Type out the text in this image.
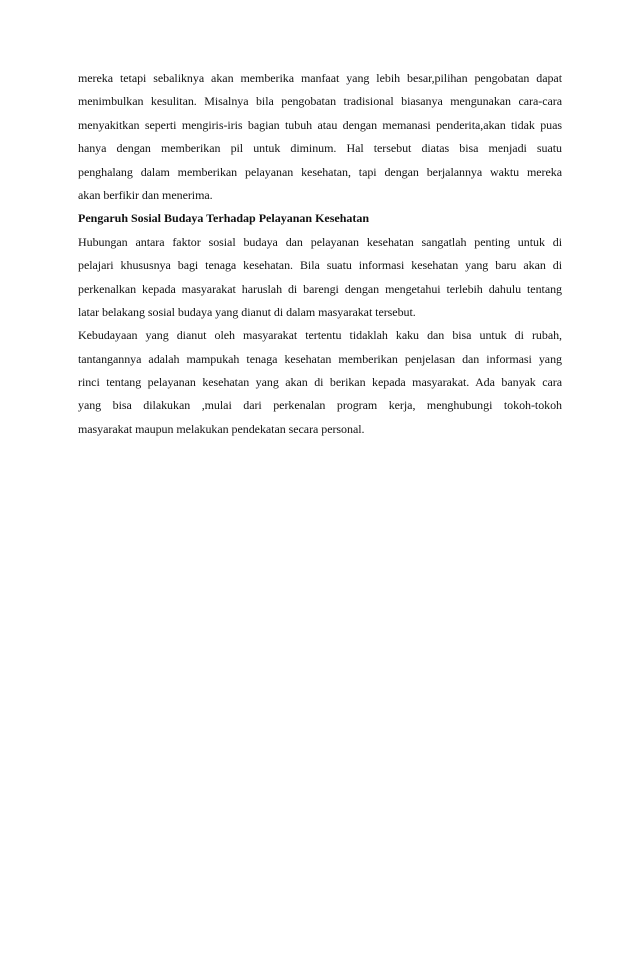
mereka tetapi sebaliknya akan memberika manfaat yang lebih besar,pilihan pengobatan dapat
menimbulkan kesulitan. Misalnya bila pengobatan tradisional biasanya mengunakan cara-cara
menyakitkan seperti mengiris-iris bagian tubuh atau dengan memanasi penderita,akan tidak puas
hanya dengan memberikan pil untuk diminum. Hal tersebut diatas bisa menjadi suatu
penghalang dalam memberikan pelayanan kesehatan, tapi dengan berjalannya waktu mereka
akan berfikir dan menerima.
Pengaruh Sosial Budaya Terhadap Pelayanan Kesehatan
Hubungan antara faktor sosial budaya dan pelayanan kesehatan sangatlah penting untuk di
pelajari khususnya bagi tenaga kesehatan. Bila suatu informasi kesehatan yang baru akan di
perkenalkan kepada masyarakat haruslah di barengi dengan mengetahui terlebih dahulu tentang
latar belakang sosial budaya yang dianut di dalam masyarakat tersebut.
Kebudayaan yang dianut oleh masyarakat tertentu tidaklah kaku dan bisa untuk di rubah,
tantangannya adalah mampukah tenaga kesehatan memberikan penjelasan dan informasi yang
rinci tentang pelayanan kesehatan yang akan di berikan kepada masyarakat. Ada banyak cara
yang bisa dilakukan ,mulai dari perkenalan program kerja, menghubungi tokoh-tokoh
masyarakat maupun melakukan pendekatan secara personal.
